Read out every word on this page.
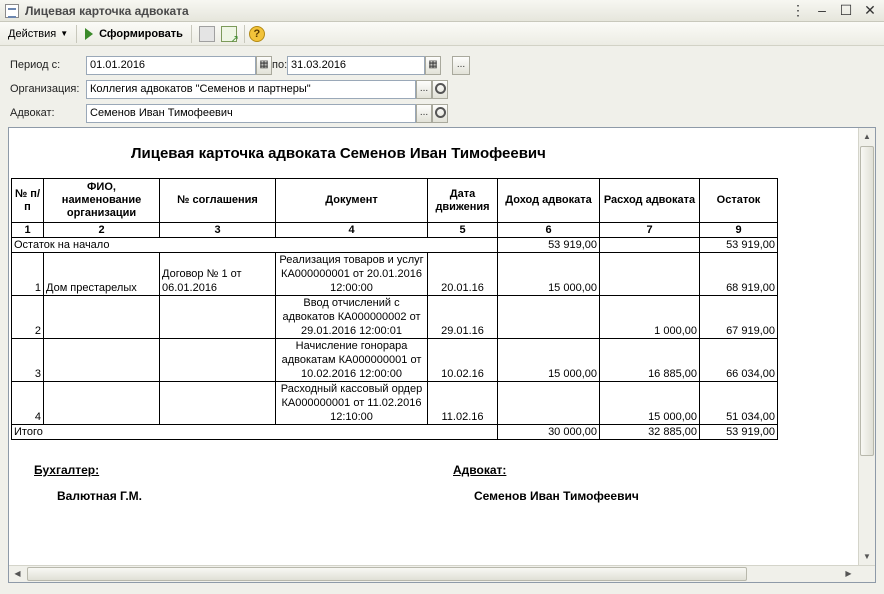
Лицевая карточка адвоката	⋮ – ☐ ✕
Действия ▼	Сформировать ↗	?
Период с:	01.01.2016	▦ по: 31.03.2016	▦	...
Организация: Коллегия адвокатов "Семенов и партнеры"	...
Адвокат:	Семенов Иван Тимофеевич	...
Лицевая карточка адвоката Семенов Иван Тимофеевич
№ п/п	ФИО, наименование организации	№ соглашения	Документ	Дата движения	Доход адвоката	Расход адвоката	Остаток
1	2	3	4	5	6	7	9
Остаток на начало					53 919,00		53 919,00
1	Дом престарелых	Договор № 1 от 06.01.2016	Реализация товаров и услуг КА000000001 от 20.01.2016 12:00:00	20.01.16	15 000,00		68 919,00
2			Ввод отчислений с адвокатов КА000000002 от 29.01.2016 12:00:01	29.01.16		1 000,00	67 919,00
3			Начисление гонорара адвокатам КА000000001 от 10.02.2016 12:00:00	10.02.16	15 000,00	16 885,00	66 034,00
4			Расходный кассовый ордер КА000000001 от 11.02.2016 12:10:00	11.02.16		15 000,00	51 034,00
Итого					30 000,00	32 885,00	53 919,00
Бухгалтер:
Валютная Г.М.
Адвокат:
Семенов Иван Тимофеевич
▲
▼
◀	▶
